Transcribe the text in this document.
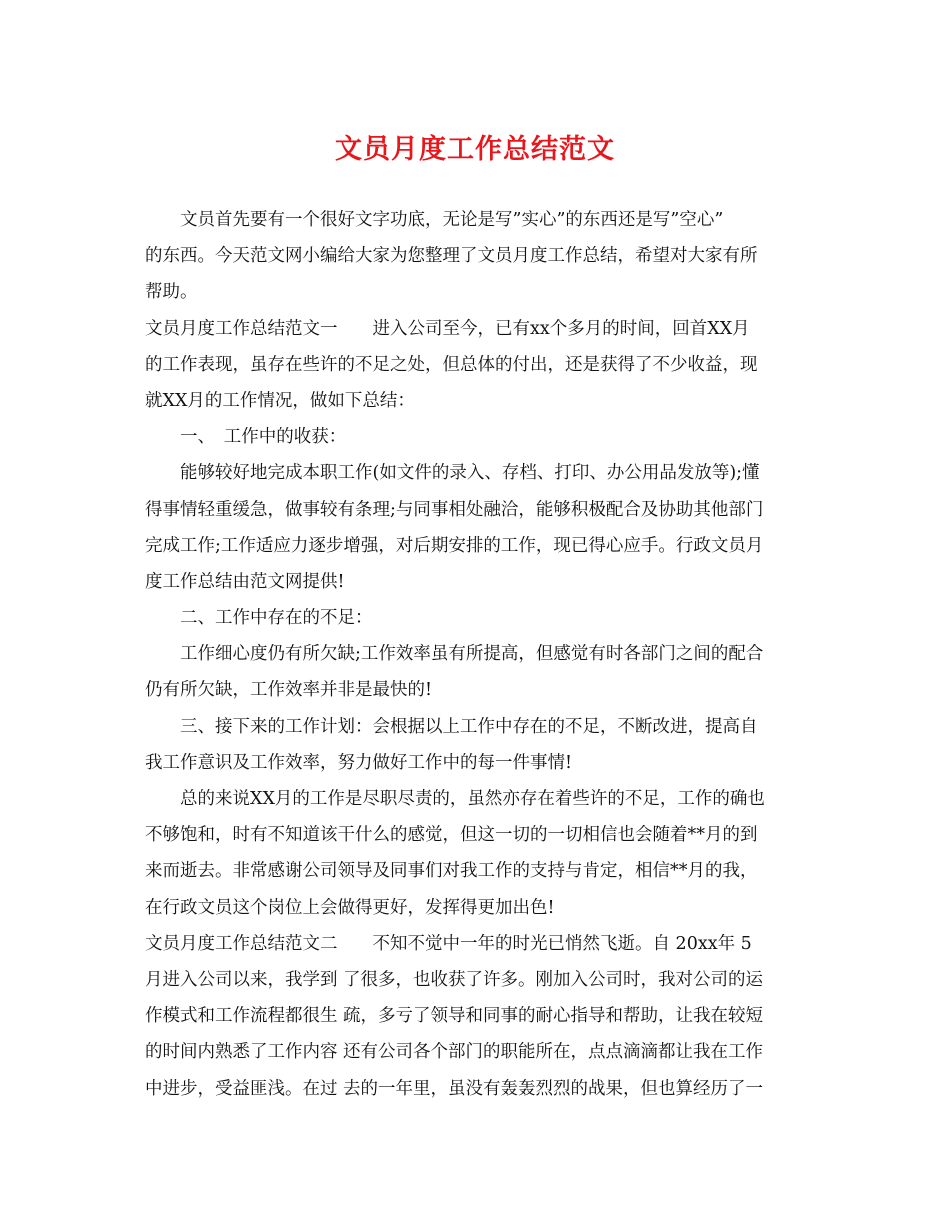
文员月度工作总结范文
文员首先要有一个很好文字功底，无论是写”实心”的东西还是写”空心”
的东西。今天范文网小编给大家为您整理了文员月度工作总结，希望对大家有所
帮助。
文员月度工作总结范文一　　进入公司至今，已有xx个多月的时间，回首XX月
的工作表现，虽存在些许的不足之处，但总体的付出，还是获得了不少收益，现
就XX月的工作情况，做如下总结：
一、　工作中的收获：
能够较好地完成本职工作(如文件的录入、存档、打印、办公用品发放等);懂
得事情轻重缓急，做事较有条理;与同事相处融洽，能够积极配合及协助其他部门
完成工作;工作适应力逐步增强，对后期安排的工作，现已得心应手。行政文员月
度工作总结由范文网提供!
二、工作中存在的不足：
工作细心度仍有所欠缺;工作效率虽有所提高，但感觉有时各部门之间的配合
仍有所欠缺，工作效率并非是最快的!
三、接下来的工作计划：会根据以上工作中存在的不足，不断改进，提高自
我工作意识及工作效率，努力做好工作中的每一件事情!
总的来说XX月的工作是尽职尽责的，虽然亦存在着些许的不足，工作的确也
不够饱和，时有不知道该干什么的感觉，但这一切的一切相信也会随着**月的到
来而逝去。非常感谢公司领导及同事们对我工作的支持与肯定，相信**月的我，
在行政文员这个岗位上会做得更好，发挥得更加出色!
文员月度工作总结范文二　　不知不觉中一年的时光已悄然飞逝。自 20xx年 5
月进入公司以来，我学到 了很多，也收获了许多。刚加入公司时，我对公司的运
作模式和工作流程都很生 疏，多亏了领导和同事的耐心指导和帮助，让我在较短
的时间内熟悉了工作内容 还有公司各个部门的职能所在，点点滴滴都让我在工作
中进步，受益匪浅。在过 去的一年里，虽没有轰轰烈烈的战果，但也算经历了一
